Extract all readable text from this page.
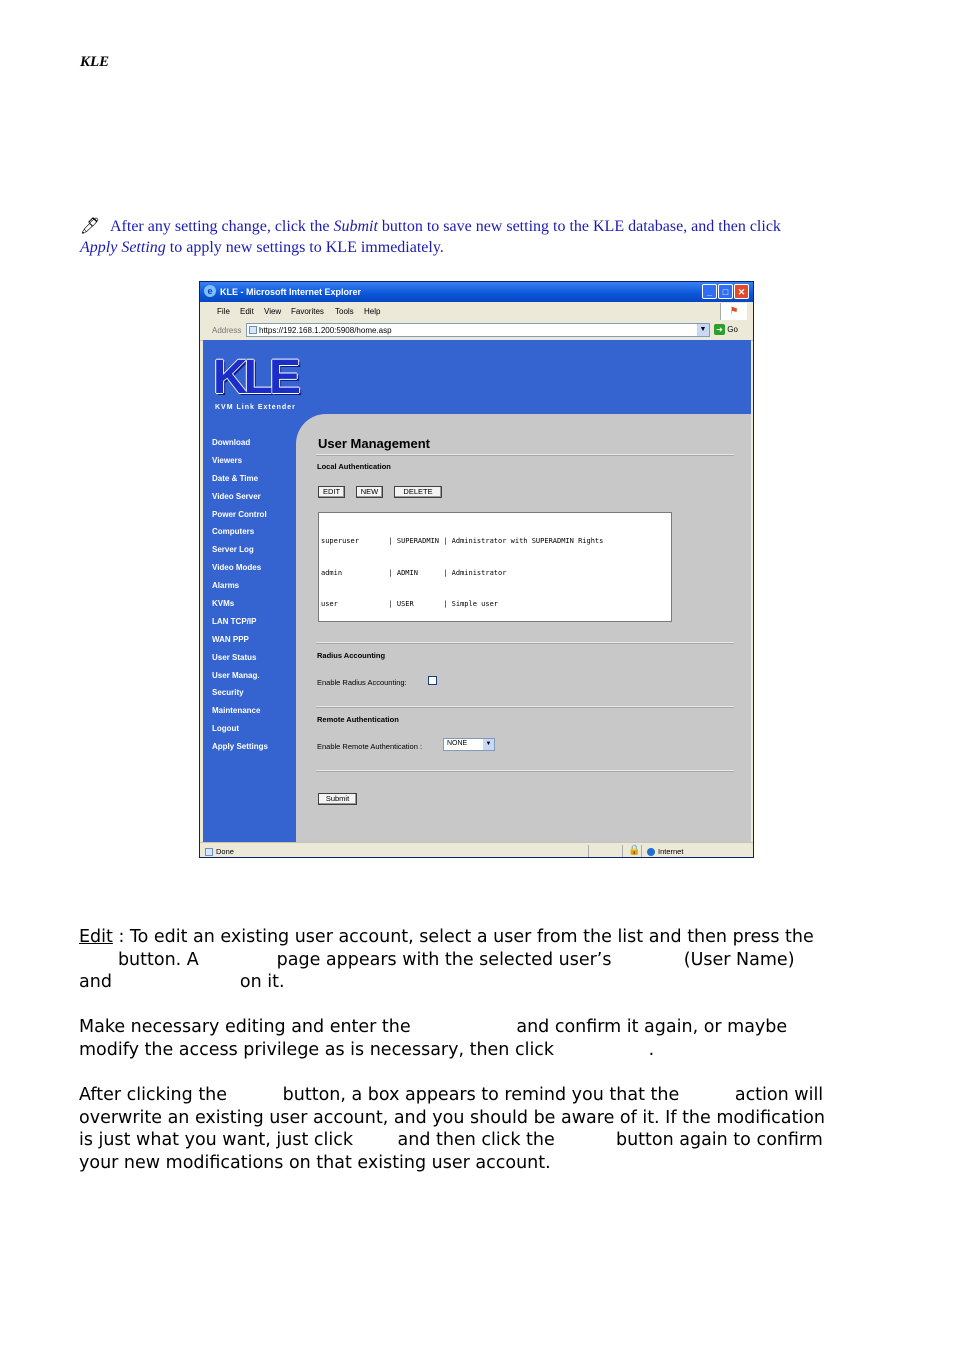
KLE
🖊 After any setting change, click the Submit button to save new setting to the KLE database, and then click
Apply Setting to apply new settings to KLE immediately.
e KLE - Microsoft Internet Explorer	_	□	✕
File Edit View Favorites Tools Help	⚑
Address https://192.168.1.200:5908/home.asp	▼	➜ Go
KLE
KVM Link Extender
Download
Viewers
Date & Time
Video Server
Power Control
Computers
Server Log
Video Modes
Alarms
KVMs
LAN TCP/IP
WAN PPP
User Status
User Manag.
Security
Maintenance
Logout
Apply Settings
User Management
Local Authentication
EDIT	NEW	DELETE

superuser       | SUPERADMIN | Administrator with SUPERADMIN Rights

admin           | ADMIN      | Administrator

user            | USER       | Simple user

Radius Accounting
Enable Radius Accounting:
Remote Authentication
Enable Remote Authentication :	NONE	▼
Submit
Done	🔒	Internet
Edit : To edit an existing user account, select a user from the list and then press the
button. A              page appears with the selected user’s             (User Name)
and                       on it.
Make necessary editing and enter the                   and confirm it again, or maybe
modify the access privilege as is necessary, then click                 .
After clicking the          button, a box appears to remind you that the          action will
overwrite an existing user account, and you should be aware of it. If the modification
is just what you want, just click        and then click the           button again to confirm
your new modifications on that existing user account.
